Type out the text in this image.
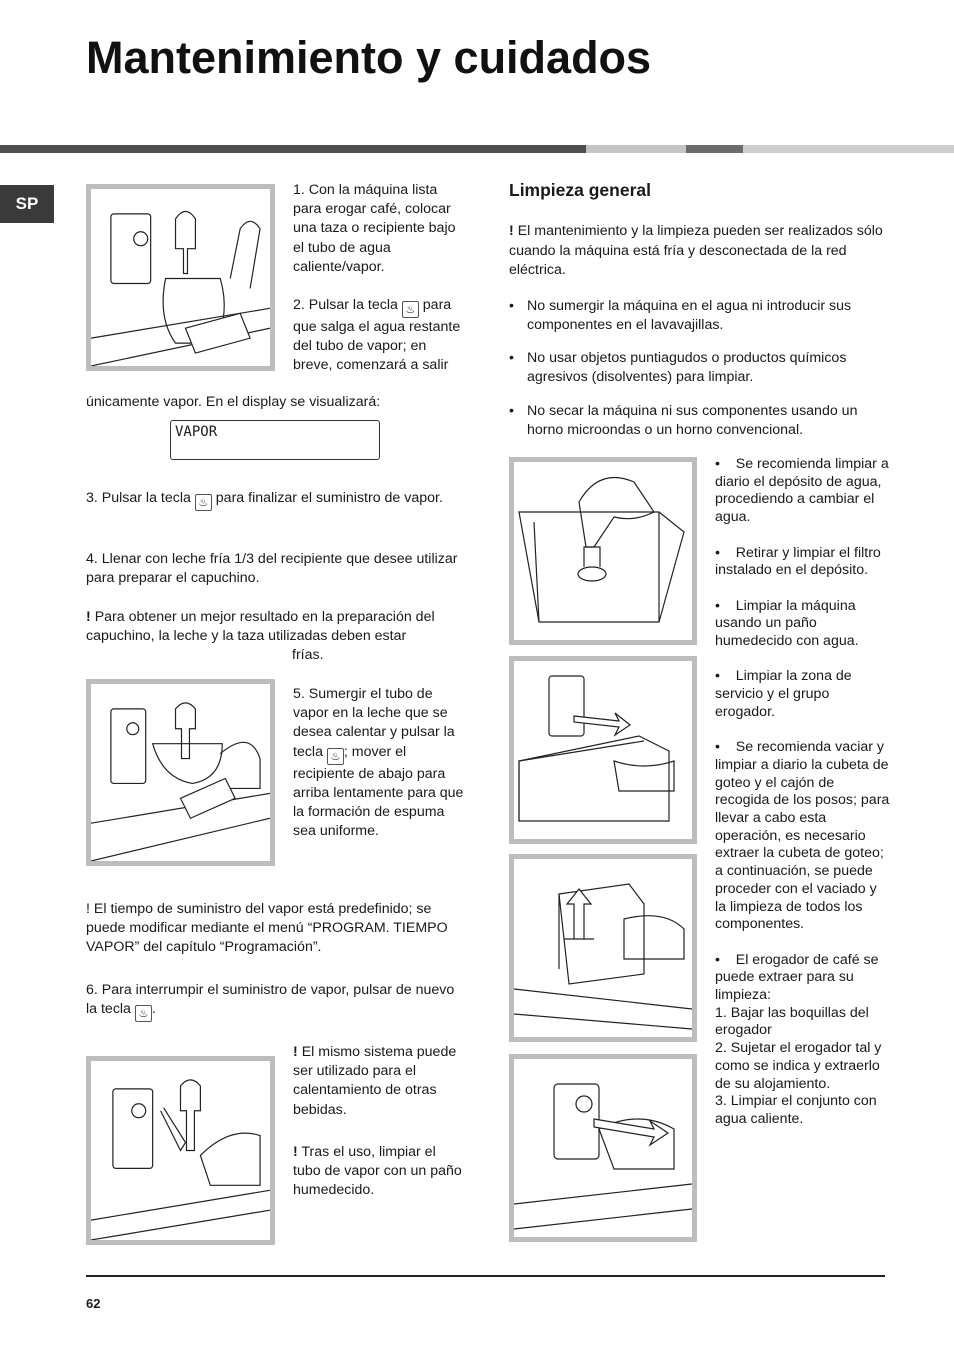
Mantenimiento y cuidados
SP

1. Con la máquina lista para erogar café, colocar una taza o recipiente bajo el tubo de agua caliente/vapor.

2. Pulsar la tecla ♨ para que salga el agua restante del tubo de vapor; en breve, comenzará a salir

únicamente vapor. En el display se visualizará:

VAPOR

3. Pulsar la tecla ♨ para finalizar el suministro de vapor.

4. Llenar con leche fría 1/3 del recipiente que desee utilizar para preparar el capuchino.

! Para obtener un mejor resultado en la preparación del capuchino, la leche y la taza utilizadas deben estar

frías.

5. Sumergir el tubo de vapor en la leche que se desea calentar y pulsar la tecla ♨ ; mover el recipiente de abajo para arriba lentamente para que la formación de espuma sea uniforme.

! El tiempo de suministro del vapor está predefinido; se puede modificar mediante el menú “PROGRAM. TIEMPO VAPOR” del capítulo “Programación”.

6. Para interrumpir el suministro de vapor, pulsar de nuevo la tecla ♨ .

! El mismo sistema puede ser utilizado para el calentamiento de otras bebidas.

! Tras el uso, limpiar el tubo de vapor con un paño humedecido.

Limpieza general

! El mantenimiento y la limpieza pueden ser realizados sólo cuando la máquina está fría y desconectada de la red eléctrica.

• No sumergir la máquina en el agua ni introducir sus componentes en el lavavajillas.
• No usar objetos puntiagudos o productos químicos agresivos (disolventes) para limpiar.
• No secar la máquina ni sus componentes usando un horno microondas o un horno convencional.

• Se recomienda limpiar a diario el depósito de agua, procediendo a cambiar el agua.

• Retirar y limpiar el filtro instalado en el depósito.

• Limpiar la máquina usando un paño humedecido con agua.

• Limpiar la zona de servicio y el grupo erogador.

• Se recomienda vaciar y limpiar a diario la cubeta de goteo y el cajón de recogida de los posos; para llevar a cabo esta operación, es necesario extraer la cubeta de goteo; a continuación, se puede proceder con el vaciado y la limpieza de todos los componentes.

• El erogador de café se puede extraer para su limpieza:

1. Bajar las boquillas del erogador

2. Sujetar el erogador tal y como se indica y extraerlo de su alojamiento.

3. Limpiar el conjunto con agua caliente.

62
